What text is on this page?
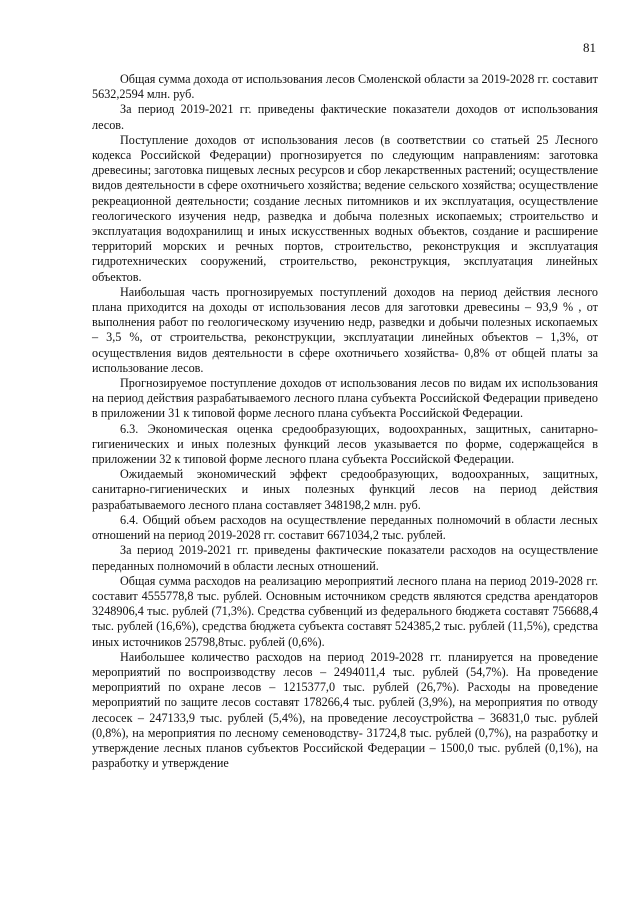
81

Общая сумма дохода от использования лесов Смоленской области за 2019-2028 гг. составит 5632,2594 млн. руб.

За период 2019-2021 гг. приведены фактические показатели доходов от использования лесов.

Поступление доходов от использования лесов (в соответствии со статьей 25 Лесного кодекса Российской Федерации) прогнозируется по следующим направлениям: заготовка древесины; заготовка пищевых лесных ресурсов и сбор лекарственных растений; осуществление видов деятельности в сфере охотничьего хозяйства; ведение сельского хозяйства; осуществление рекреационной деятельности; создание лесных питомников и их эксплуатация, осуществление геологического изучения недр, разведка и добыча полезных ископаемых; строительство и эксплуатация водохранилищ и иных искусственных водных объектов, создание и расширение территорий морских и речных портов, строительство, реконструкция и эксплуатация гидротехнических сооружений, строительство, реконструкция, эксплуатация линейных объектов.

Наибольшая часть прогнозируемых поступлений доходов на период действия лесного плана приходится на доходы от использования лесов для заготовки древесины – 93,9 % , от выполнения работ по геологическому изучению недр, разведки и добычи полезных ископаемых – 3,5 %, от строительства, реконструкции, эксплуатации линейных объектов – 1,3%, от осуществления видов деятельности в сфере охотничьего хозяйства- 0,8% от общей платы за использование лесов.

Прогнозируемое поступление доходов от использования лесов по видам их использования на период действия разрабатываемого лесного плана субъекта Российской Федерации приведено в приложении 31 к типовой форме лесного плана субъекта Российской Федерации.

6.3. Экономическая оценка средообразующих, водоохранных, защитных, санитарно-гигиенических и иных полезных функций лесов указывается по форме, содержащейся в приложении 32 к типовой форме лесного плана субъекта Российской Федерации.

Ожидаемый экономический эффект средообразующих, водоохранных, защитных, санитарно-гигиенических и иных полезных функций лесов на период действия разрабатываемого лесного плана составляет 348198,2 млн. руб.

6.4. Общий объем расходов на осуществление переданных полномочий в области лесных отношений на период 2019-2028 гг. составит 6671034,2 тыс. рублей.

За период 2019-2021 гг. приведены фактические показатели расходов на осуществление переданных полномочий в области лесных отношений.

Общая сумма расходов на реализацию мероприятий лесного плана на период 2019-2028 гг. составит 4555778,8 тыс. рублей. Основным источником средств являются средства арендаторов 3248906,4 тыс. рублей (71,3%). Средства субвенций из федерального бюджета составят 756688,4 тыс. рублей (16,6%), средства бюджета субъекта составят 524385,2 тыс. рублей (11,5%), средства иных источников 25798,8тыс. рублей (0,6%).

Наибольшее количество расходов на период 2019-2028 гг. планируется на проведение мероприятий по воспроизводству лесов – 2494011,4 тыс. рублей (54,7%). На проведение мероприятий по охране лесов – 1215377,0 тыс. рублей (26,7%). Расходы на проведение мероприятий по защите лесов составят 178266,4 тыс. рублей (3,9%), на мероприятия по отводу лесосек – 247133,9 тыс. рублей (5,4%), на проведение лесоустройства – 36831,0 тыс. рублей (0,8%), на мероприятия по лесному семеноводству- 31724,8 тыс. рублей (0,7%), на разработку и утверждение лесных планов субъектов Российской Федерации – 1500,0 тыс. рублей (0,1%), на разработку и утверждение
